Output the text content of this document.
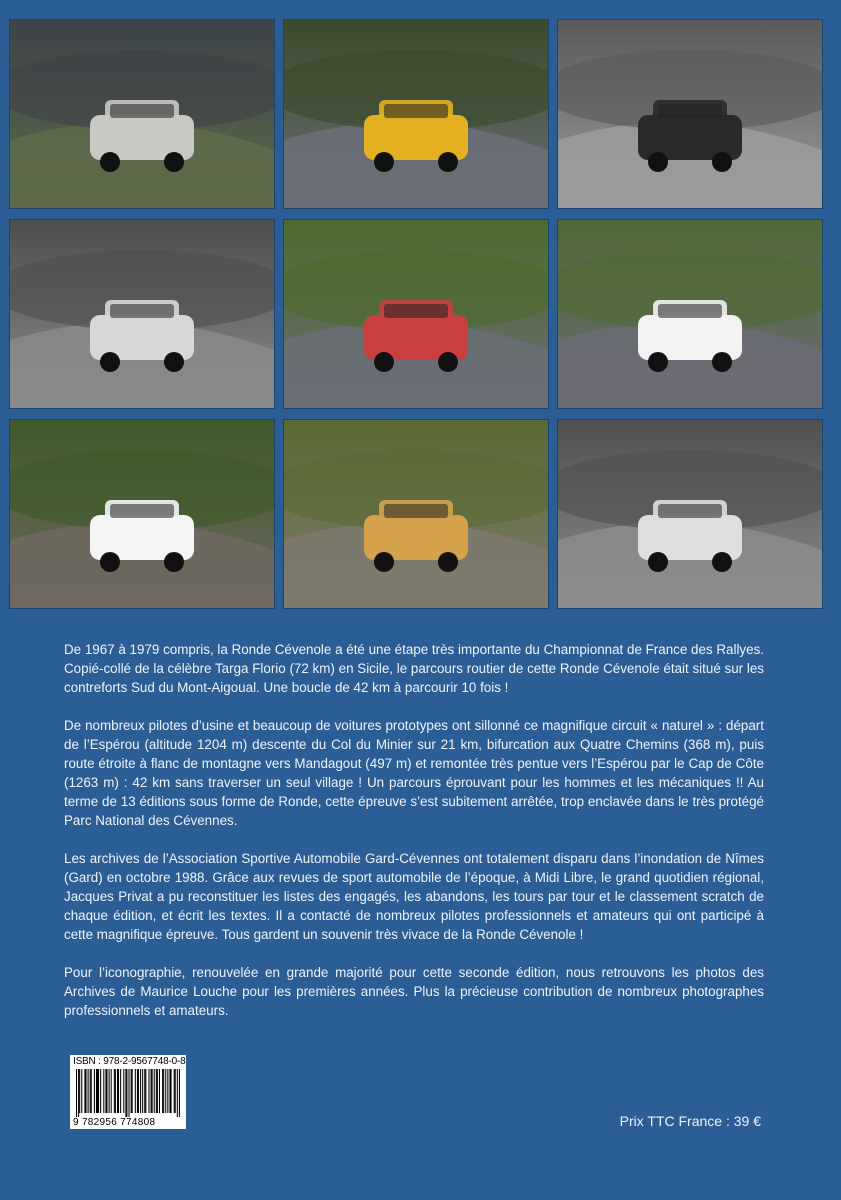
De 1967 à 1979 compris, la Ronde Cévenole a été une étape très importante du Championnat de France des Rallyes. Copié-collé de la célèbre Targa Florio (72 km) en Sicile, le parcours routier de cette Ronde Cévenole était situé sur les contreforts Sud du Mont-Aigoual. Une boucle de 42 km à parcourir 10 fois !

De nombreux pilotes d’usine et beaucoup de voitures prototypes ont sillonné ce magnifique circuit « naturel » : départ de l’Espérou (altitude 1204 m) descente du Col du Minier sur 21 km, bifurcation aux Quatre Chemins (368 m), puis route étroite à flanc de montagne vers Mandagout (497 m) et remontée très pentue vers l’Espérou par le Cap de Côte (1263 m) : 42 km sans traverser un seul village ! Un parcours éprouvant pour les hommes et les mécaniques !! Au terme de 13 éditions sous forme de Ronde, cette épreuve s’est subitement arrêtée, trop enclavée dans le très protégé Parc National des Cévennes.

Les archives de l’Association Sportive Automobile Gard-Cévennes ont totalement disparu dans l’inondation de Nîmes (Gard) en octobre 1988. Grâce aux revues de sport automobile de l’époque, à Midi Libre, le grand quotidien régional, Jacques Privat a pu reconstituer les listes des engagés, les abandons, les tours par tour et le classement scratch de chaque édition, et écrit les textes. Il a contacté de nombreux pilotes professionnels et amateurs qui ont participé à cette magnifique épreuve. Tous gardent un souvenir très vivace de la Ronde Cévenole !

Pour l’iconographie, renouvelée en grande majorité pour cette seconde édition, nous retrouvons les photos des Archives de Maurice Louche pour les premières années. Plus la précieuse contribution de nombreux photographes professionnels et amateurs.

ISBN : 978-2-9567748-0-8
9 782956 774808	Prix TTC France : 39 €
